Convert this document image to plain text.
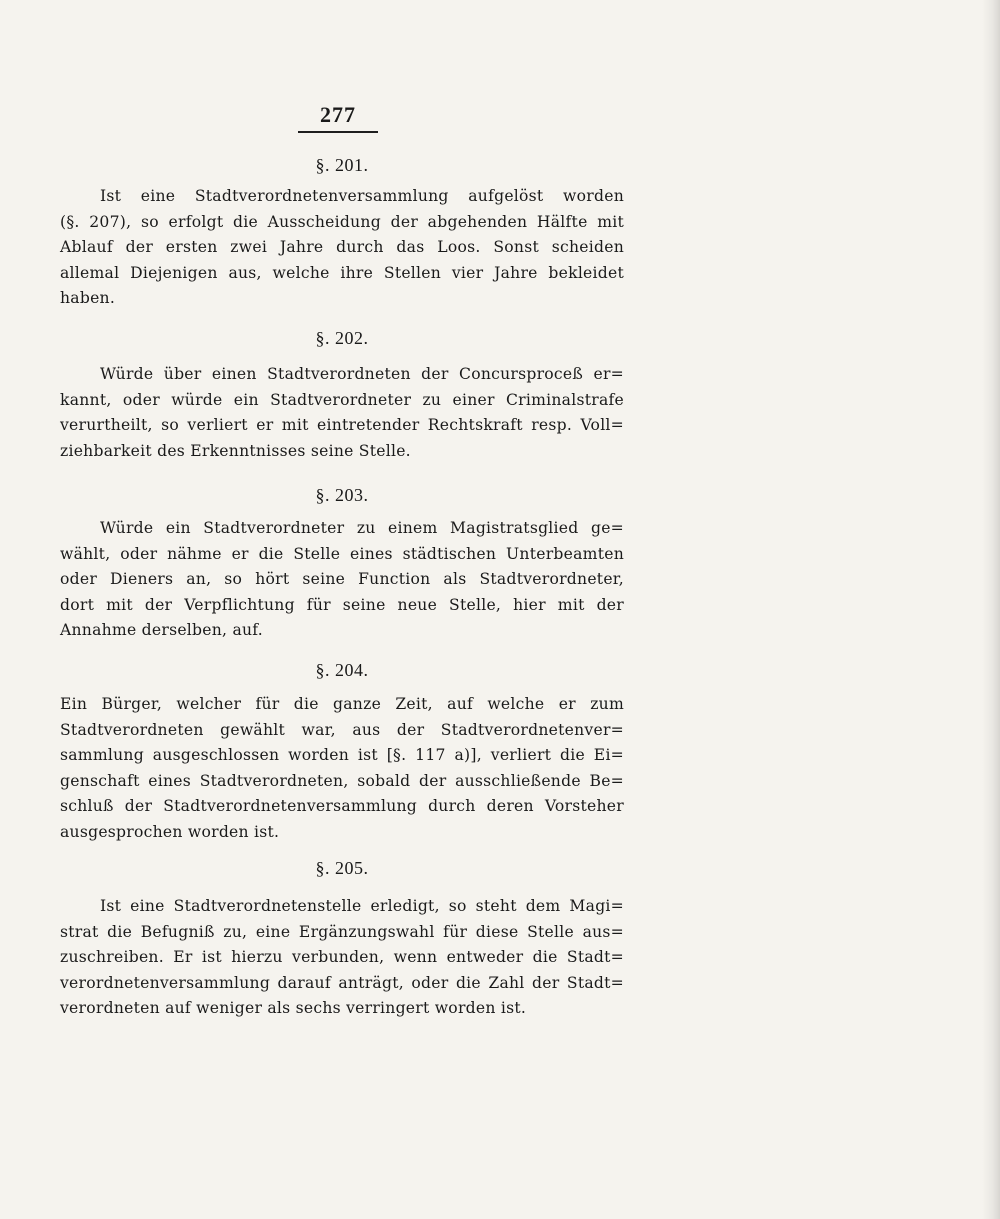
277
§. 201.

Ist eine Stadtverordnetenversammlung aufgelöst worden
(§. 207), so erfolgt die Ausscheidung der abgehenden Hälfte mit
Ablauf der ersten zwei Jahre durch das Loos. Sonst scheiden
allemal Diejenigen aus, welche ihre Stellen vier Jahre bekleidet
haben.

§. 202.

Würde über einen Stadtverordneten der Concursproceß er=
kannt, oder würde ein Stadtverordneter zu einer Criminalstrafe
verurtheilt, so verliert er mit eintretender Rechtskraft resp. Voll=
ziehbarkeit des Erkenntnisses seine Stelle.

§. 203.

Würde ein Stadtverordneter zu einem Magistratsglied ge=
wählt, oder nähme er die Stelle eines städtischen Unterbeamten
oder Dieners an, so hört seine Function als Stadtverordneter,
dort mit der Verpflichtung für seine neue Stelle, hier mit der
Annahme derselben, auf.

§. 204.

Ein Bürger, welcher für die ganze Zeit, auf welche er zum
Stadtverordneten gewählt war, aus der Stadtverordnetenver=
sammlung ausgeschlossen worden ist [§. 117 a)], verliert die Ei=
genschaft eines Stadtverordneten, sobald der ausschließende Be=
schluß der Stadtverordnetenversammlung durch deren Vorsteher
ausgesprochen worden ist.

§. 205.

Ist eine Stadtverordnetenstelle erledigt, so steht dem Magi=
strat die Befugniß zu, eine Ergänzungswahl für diese Stelle aus=
zuschreiben. Er ist hierzu verbunden, wenn entweder die Stadt=
verordnetenversammlung darauf anträgt, oder die Zahl der Stadt=
verordneten auf weniger als sechs verringert worden ist.
